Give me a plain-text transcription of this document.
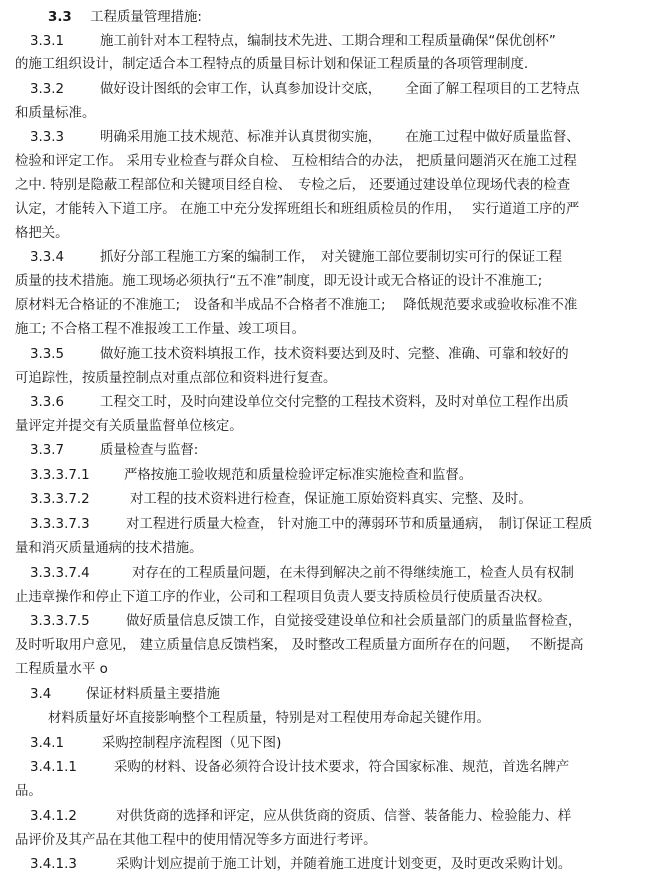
3.3 工程质量管理措施:
3.3.1	施工前针对本工程特点，编制技术先进、工期合理和工程质量确保“保优创杯”
的施工组织设计，制定适合本工程特点的质量目标计划和保证工程质量的各项管理制度.
3.3.2	做好设计图纸的会审工作，认真参加设计交底，　　 全面了解工程项目的工艺特点
和质量标准。
3.3.3	明确采用施工技术规范、标准并认真贯彻实施，　　 在施工过程中做好质量监督、
检验和评定工作。 采用专业检查与群众自检、 互检相结合的办法， 把质量问题消灭在施工过程
之中. 特别是隐蔽工程部位和关键项目经自检、　专检之后， 还要通过建设单位现场代表的检查
认定，才能转入下道工序。 在施工中充分发挥班组长和班组质检员的作用，　 实行道道工序的严
格把关。
3.3.4	抓好分部工程施工方案的编制工作，　对关键施工部位要制切实可行的保证工程
质量的技术措施。施工现场必须执行“五不准”制度，即无设计或无合格证的设计不准施工;
原材料无合格证的不准施工;　设备和半成品不合格者不准施工;　 降低规范要求或验收标准不准
施工; 不合格工程不准报竣工工作量、竣工项目。
3.3.5	做好施工技术资料填报工作，技术资料要达到及时、完整、准确、可靠和较好的
可追踪性，按质量控制点对重点部位和资料进行复查。
3.3.6	工程交工时，及时向建设单位交付完整的工程技术资料，及时对单位工程作出质
量评定并提交有关质量监督单位核定。
3.3.7	质量检查与监督:
3.3.3.7.1	严格按施工验收规范和质量检验评定标准实施检查和监督。
3.3.3.7.2	对工程的技术资料进行检查，保证施工原始资料真实、完整、及时。
3.3.3.7.3	对工程进行质量大检查， 针对施工中的薄弱环节和质量通病，　制订保证工程质
量和消灭质量通病的技术措施。
3.3.3.7.4	对存在的工程质量问题，在未得到解决之前不得继续施工，检查人员有权制
止违章操作和停止下道工序的作业，公司和工程项目负责人要支持质检员行使质量否决权。
3.3.3.7.5	做好质量信息反馈工作，自觉接受建设单位和社会质量部门的质量监督检查，
及时听取用户意见， 建立质量信息反馈档案， 及时整改工程质量方面所存在的问题，　 不断提高
工程质量水平 o
3.4	保证材料质量主要措施
材料质量好坏直接影响整个工程质量，特别是对工程使用寿命起关键作用。
3.4.1	采购控制程序流程图（见下图)
3.4.1.1	采购的材料、设备必须符合设计技术要求，符合国家标准、规范，首选名牌产
品。
3.4.1.2	对供货商的选择和评定，应从供货商的资质、信誉、装备能力、检验能力、样
品评价及其产品在其他工程中的使用情况等多方面进行考评。
3.4.1.3	采购计划应提前于施工计划，并随着施工进度计划变更，及时更改采购计划。
